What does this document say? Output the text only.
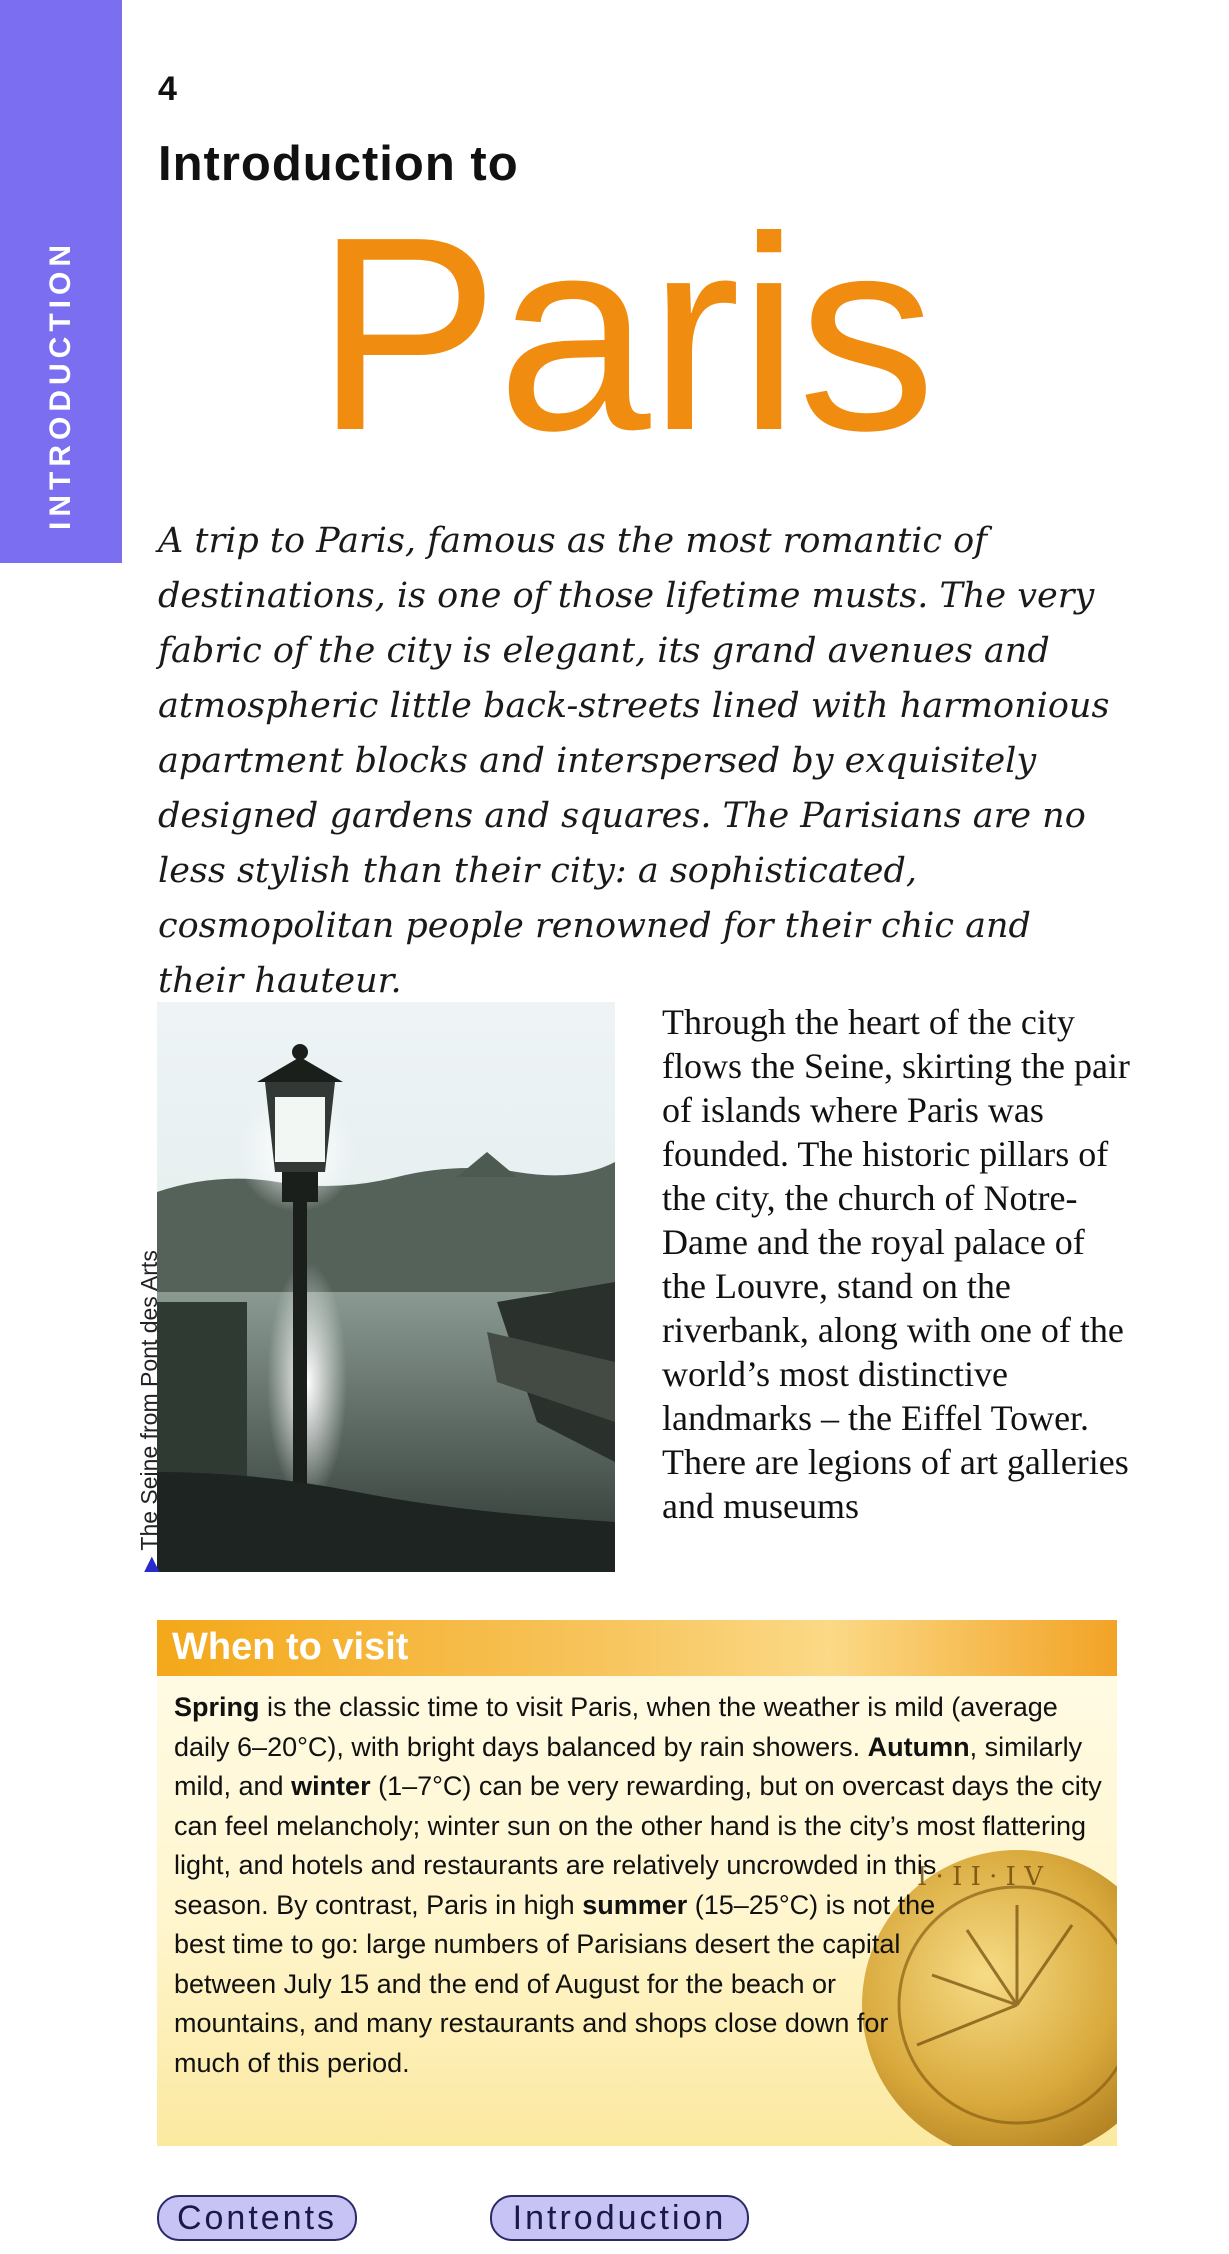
INTRODUCTION
4
Introduction to
Paris

A trip to Paris, famous as the most romantic of destinations, is one of those lifetime musts. The very fabric of the city is elegant, its grand avenues and atmospheric little back-streets lined with harmonious apartment blocks and interspersed by exquisitely designed gardens and squares. The Parisians are no less stylish than their city: a sophisticated, cosmopolitan people renowned for their chic and their hauteur.

▶The Seine from Pont des Arts

Through the heart of the city flows the Seine, skirting the pair of islands where Paris was founded. The historic pillars of the city, the church of Notre-Dame and the royal palace of the Louvre, stand on the riverbank, along with one of the world’s most distinctive landmarks – the Eiffel Tower. There are legions of art galleries and museums

When to visit
I · I I · I V

Spring is the classic time to visit Paris, when the weather is mild (average daily 6–20°C), with bright days balanced by rain showers. Autumn, similarly mild, and winter (1–7°C) can be very rewarding, but on overcast days the city can feel melancholy; winter sun on the other hand is the city’s most flattering light, and hotels and restaurants are relatively uncrowded in this season. By contrast, Paris in high summer (15–25°C) is not the best time to go: large numbers of Parisians desert the capital between July 15 and the end of August for the beach or mountains, and many restaurants and shops close down for much of this period.

Contents	Introduction
